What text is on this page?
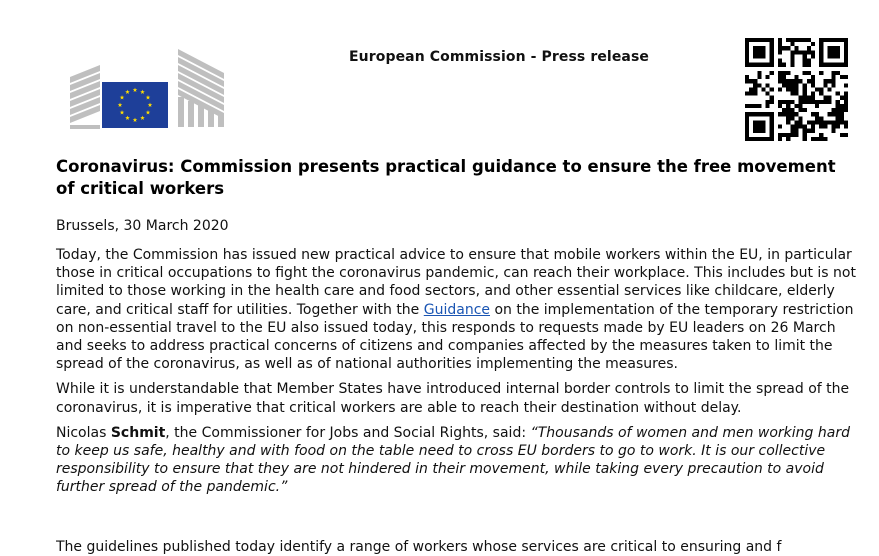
European Commission - Press release
Coronavirus: Commission presents practical guidance to ensure the free movement of critical workers

Brussels, 30 March 2020

Today, the Commission has issued new practical advice to ensure that mobile workers within the EU, in particular those in critical occupations to fight the coronavirus pandemic, can reach their workplace. This includes but is not limited to those working in the health care and food sectors, and other essential services like childcare, elderly care, and critical staff for utilities. Together with the Guidance on the implementation of the temporary restriction on non-essential travel to the EU also issued today, this responds to requests made by EU leaders on 26 March and seeks to address practical concerns of citizens and companies affected by the measures taken to limit the spread of the coronavirus, as well as of national authorities implementing the measures.

While it is understandable that Member States have introduced internal border controls to limit the spread of the coronavirus, it is imperative that critical workers are able to reach their destination without delay.

Nicolas Schmit, the Commissioner for Jobs and Social Rights, said: “Thousands of women and men working hard to keep us safe, healthy and with food on the table need to cross EU borders to go to work. It is our collective responsibility to ensure that they are not hindered in their movement, while taking every precaution to avoid further spread of the pandemic.”

The guidelines published today identify a range of workers whose services are critical to ensuring and f
